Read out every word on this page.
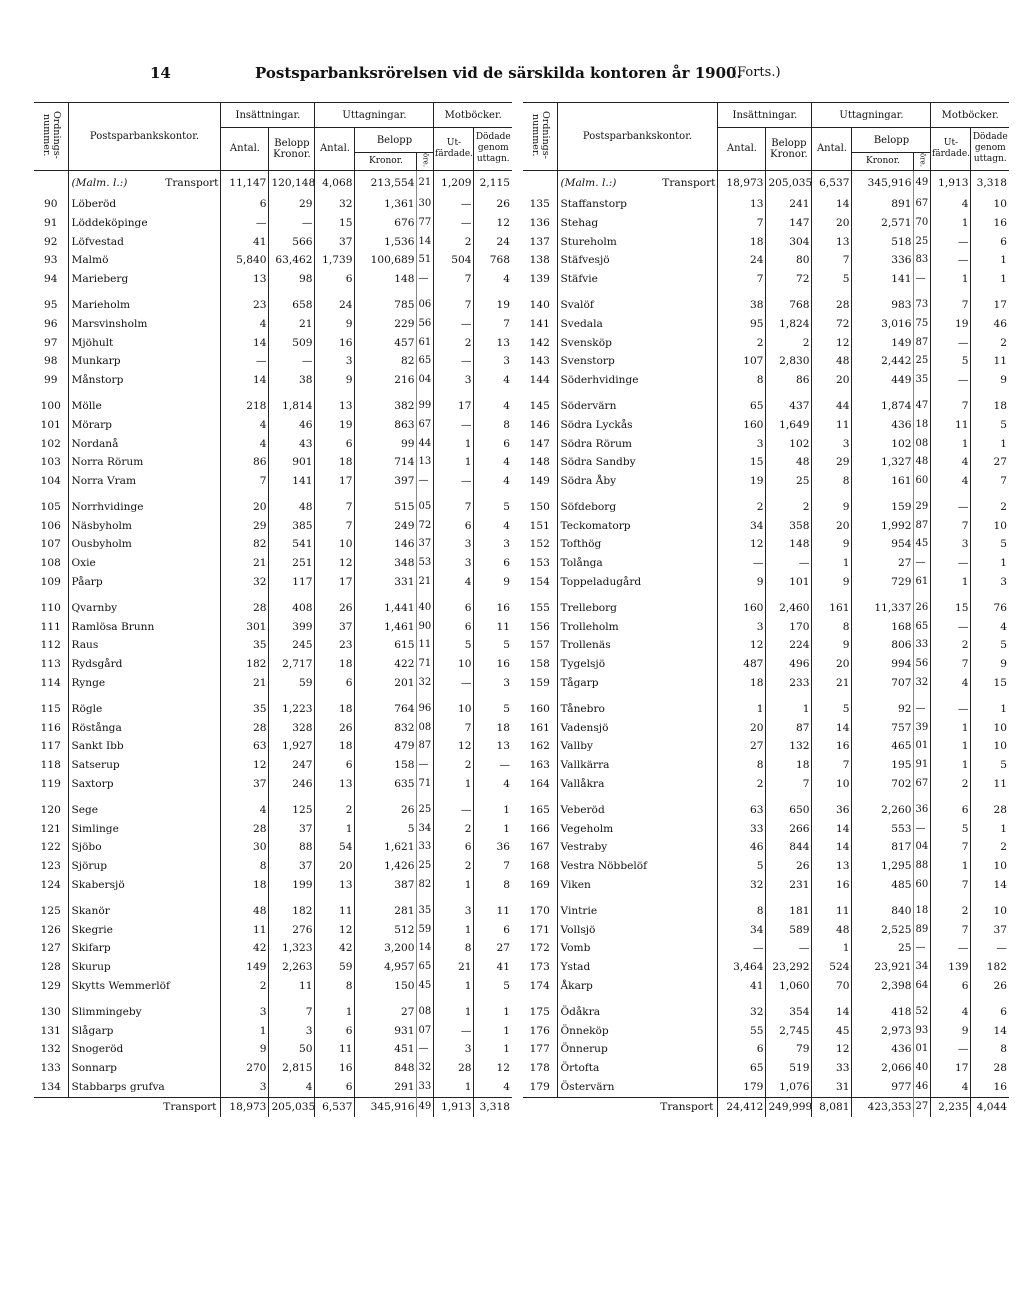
14	Postsparbanksrörelsen vid de särskilda kontoren år 1900.
(Forts.)
Ordnings- nummer.	Postsparbankskontor.	Insättningar.		Uttagningar.			Motböcker.	
		Antal.	Belopp
Kronor.	Antal.	Belopp		Ut- färdade.	Dödade genom uttagn.
					Kronor.	öre.		
	(Malm. l.:) Transport	11,147	120,148	4,068	213,554	21	1,209	2,115
90	Löberöd	6	29	32	1,361	30	—	26
91	Löddeköpinge	—	—	15	676	77	—	12
92	Löfvestad	41	566	37	1,536	14	2	24
93	Malmö	5,840	63,462	1,739	100,689	51	504	768
94	Marieberg	13	98	6	148	—	7	4

95	Marieholm	23	658	24	785	06	7	19
96	Marsvinsholm	4	21	9	229	56	—	7
97	Mjöhult	14	509	16	457	61	2	13
98	Munkarp	—	—	3	82	65	—	3
99	Månstorp	14	38	9	216	04	3	4

100	Mölle	218	1,814	13	382	99	17	4
101	Mörarp	4	46	19	863	67	—	8
102	Nordanå	4	43	6	99	44	1	6
103	Norra Rörum	86	901	18	714	13	1	4
104	Norra Vram	7	141	17	397	—	—	4

105	Norrhvidinge	20	48	7	515	05	7	5
106	Näsbyholm	29	385	7	249	72	6	4
107	Ousbyholm	82	541	10	146	37	3	3
108	Oxie	21	251	12	348	53	3	6
109	Påarp	32	117	17	331	21	4	9

110	Qvarnby	28	408	26	1,441	40	6	16
111	Ramlösa Brunn	301	399	37	1,461	90	6	11
112	Raus	35	245	23	615	11	5	5
113	Rydsgård	182	2,717	18	422	71	10	16
114	Rynge	21	59	6	201	32	—	3

115	Rögle	35	1,223	18	764	96	10	5
116	Röstånga	28	328	26	832	08	7	18
117	Sankt Ibb	63	1,927	18	479	87	12	13
118	Satserup	12	247	6	158	—	2	—
119	Saxtorp	37	246	13	635	71	1	4

120	Sege	4	125	2	26	25	—	1
121	Simlinge	28	37	1	5	34	2	1
122	Sjöbo	30	88	54	1,621	33	6	36
123	Sjörup	8	37	20	1,426	25	2	7
124	Skabersjö	18	199	13	387	82	1	8

125	Skanör	48	182	11	281	35	3	11
126	Skegrie	11	276	12	512	59	1	6
127	Skifarp	42	1,323	42	3,200	14	8	27
128	Skurup	149	2,263	59	4,957	65	21	41
129	Skytts Wemmerlöf	2	11	8	150	45	1	5

130	Slimmingeby	3	7	1	27	08	1	1
131	Slågarp	1	3	6	931	07	—	1
132	Snogeröd	9	50	11	451	—	3	1
133	Sonnarp	270	2,815	16	848	32	28	12
134	Stabbarps grufva	3	4	6	291	33	1	4
Transport		18,973	205,035	6,537	345,916	49	1,913	3,318
Ordnings- nummer.	Postsparbankskontor.	Insättningar.		Uttagningar.			Motböcker.	
		Antal.	Belopp
Kronor.	Antal.	Belopp		Ut- färdade.	Dödade genom uttagn.
					Kronor.	öre.		
	(Malm. l.:) Transport	18,973	205,035	6,537	345,916	49	1,913	3,318
135	Staffanstorp	13	241	14	891	67	4	10
136	Stehag	7	147	20	2,571	70	1	16
137	Stureholm	18	304	13	518	25	—	6
138	Stäfvesjö	24	80	7	336	83	—	1
139	Stäfvie	7	72	5	141	—	1	1

140	Svalöf	38	768	28	983	73	7	17
141	Svedala	95	1,824	72	3,016	75	19	46
142	Svensköp	2	2	12	149	87	—	2
143	Svenstorp	107	2,830	48	2,442	25	5	11
144	Söderhvidinge	8	86	20	449	35	—	9

145	Södervärn	65	437	44	1,874	47	7	18
146	Södra Lyckås	160	1,649	11	436	18	11	5
147	Södra Rörum	3	102	3	102	08	1	1
148	Södra Sandby	15	48	29	1,327	48	4	27
149	Södra Åby	19	25	8	161	60	4	7

150	Söfdeborg	2	2	9	159	29	—	2
151	Teckomatorp	34	358	20	1,992	87	7	10
152	Tofthög	12	148	9	954	45	3	5
153	Tolånga	—	—	1	27	—	—	1
154	Toppeladugård	9	101	9	729	61	1	3

155	Trelleborg	160	2,460	161	11,337	26	15	76
156	Trolleholm	3	170	8	168	65	—	4
157	Trollenäs	12	224	9	806	33	2	5
158	Tygelsjö	487	496	20	994	56	7	9
159	Tågarp	18	233	21	707	32	4	15

160	Tånebro	1	1	5	92	—	—	1
161	Vadensjö	20	87	14	757	39	1	10
162	Vallby	27	132	16	465	01	1	10
163	Vallkärra	8	18	7	195	91	1	5
164	Vallåkra	2	7	10	702	67	2	11

165	Veberöd	63	650	36	2,260	36	6	28
166	Vegeholm	33	266	14	553	—	5	1
167	Vestraby	46	844	14	817	04	7	2
168	Vestra Nöbbelöf	5	26	13	1,295	88	1	10
169	Viken	32	231	16	485	60	7	14

170	Vintrie	8	181	11	840	18	2	10
171	Vollsjö	34	589	48	2,525	89	7	37
172	Vomb	—	—	1	25	—	—	—
173	Ystad	3,464	23,292	524	23,921	34	139	182
174	Åkarp	41	1,060	70	2,398	64	6	26

175	Ödåkra	32	354	14	418	52	4	6
176	Önneköp	55	2,745	45	2,973	93	9	14
177	Önnerup	6	79	12	436	01	—	8
178	Örtofta	65	519	33	2,066	40	17	28
179	Östervärn	179	1,076	31	977	46	4	16
Transport		24,412	249,999	8,081	423,353	27	2,235	4,044
